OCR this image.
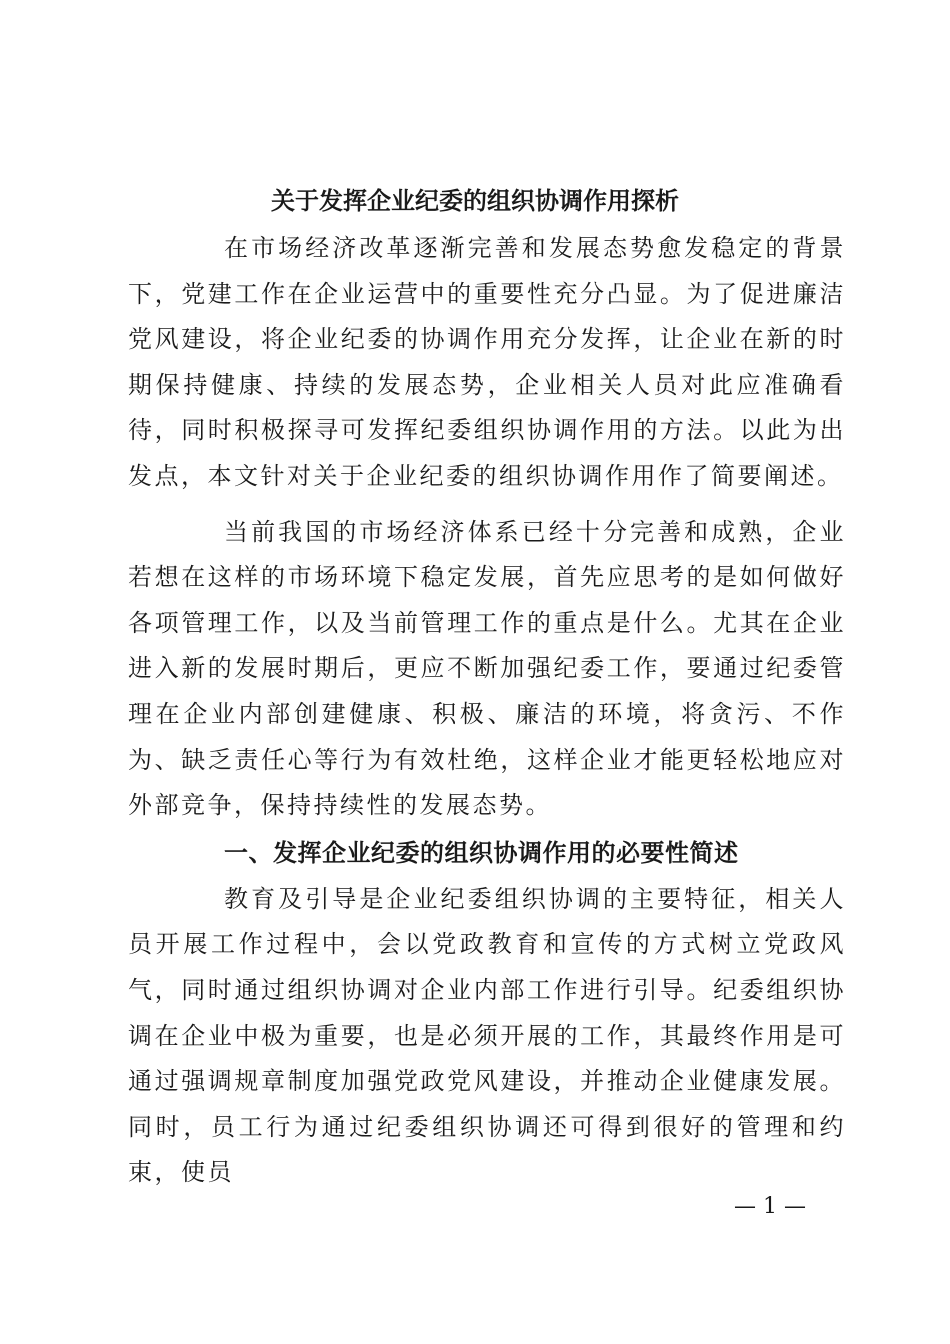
关于发挥企业纪委的组织协调作用探析

在市场经济改革逐渐完善和发展态势愈发稳定的背景下，党建工作在企业运营中的重要性充分凸显。为了促进廉洁党风建设，将企业纪委的协调作用充分发挥，让企业在新的时期保持健康、持续的发展态势，企业相关人员对此应准确看待，同时积极探寻可发挥纪委组织协调作用的方法。以此为出发点，本文针对关于企业纪委的组织协调作用作了简要阐述。

当前我国的市场经济体系已经十分完善和成熟，企业若想在这样的市场环境下稳定发展，首先应思考的是如何做好各项管理工作，以及当前管理工作的重点是什么。尤其在企业进入新的发展时期后，更应不断加强纪委工作，要通过纪委管理在企业内部创建健康、积极、廉洁的环境，将贪污、不作为、缺乏责任心等行为有效杜绝，这样企业才能更轻松地应对外部竞争，保持持续性的发展态势。

一、发挥企业纪委的组织协调作用的必要性简述

教育及引导是企业纪委组织协调的主要特征，相关人员开展工作过程中，会以党政教育和宣传的方式树立党政风气，同时通过组织协调对企业内部工作进行引导。纪委组织协调在企业中极为重要，也是必须开展的工作，其最终作用是可通过强调规章制度加强党政党风建设，并推动企业健康发展。同时，员工行为通过纪委组织协调还可得到很好的管理和约束，使员

— 1 —
